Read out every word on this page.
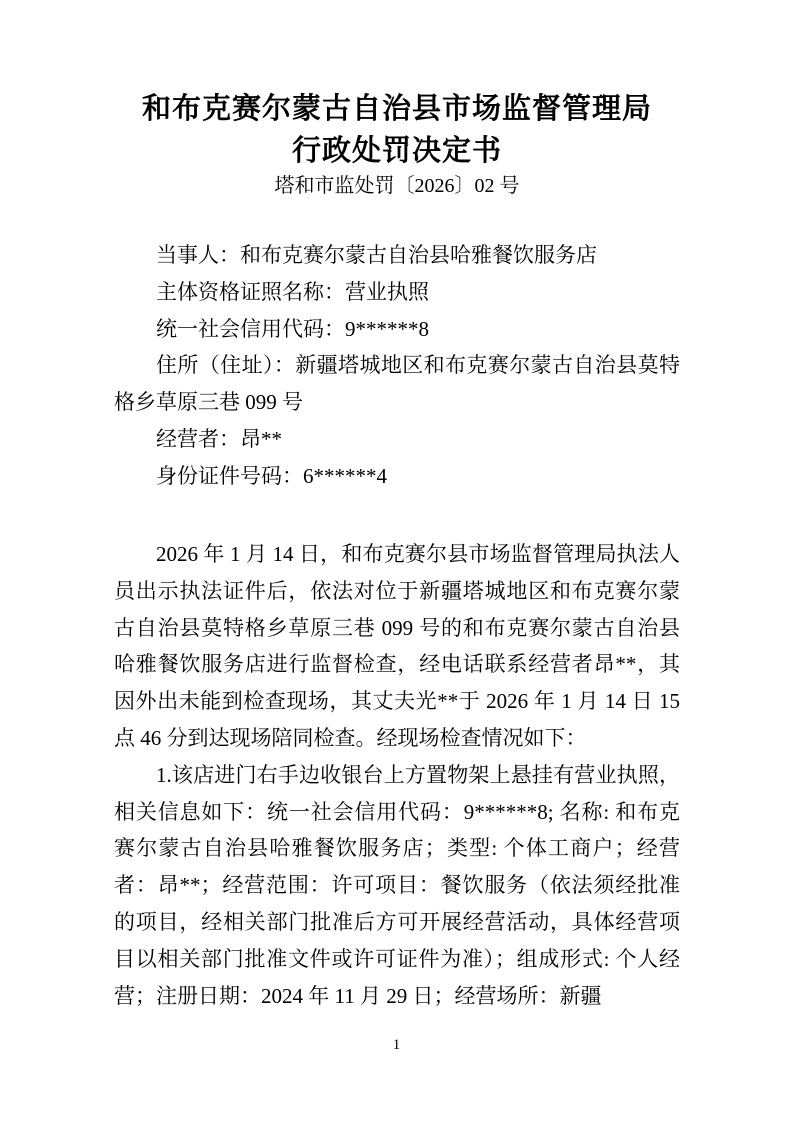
和布克赛尔蒙古自治县市场监督管理局
行政处罚决定书
塔和市监处罚〔2026〕02 号

当事人：和布克赛尔蒙古自治县哈雅餐饮服务店

主体资格证照名称：营业执照

统一社会信用代码：9******8

住所（住址）：新疆塔城地区和布克赛尔蒙古自治县莫特格乡草原三巷 099 号

经营者：昂**

身份证件号码：6******4

2026 年 1 月 14 日，和布克赛尔县市场监督管理局执法人员出示执法证件后，依法对位于新疆塔城地区和布克赛尔蒙古自治县莫特格乡草原三巷 099 号的和布克赛尔蒙古自治县哈雅餐饮服务店进行监督检查，经电话联系经营者昂**，其因外出未能到检查现场，其丈夫光**于 2026 年 1 月 14 日 15 点 46 分到达现场陪同检查。经现场检查情况如下：

1.该店进门右手边收银台上方置物架上悬挂有营业执照，相关信息如下：统一社会信用代码：9******8; 名称: 和布克赛尔蒙古自治县哈雅餐饮服务店；类型: 个体工商户；经营者：昂**；经营范围：许可项目：餐饮服务（依法须经批准的项目，经相关部门批准后方可开展经营活动，具体经营项目以相关部门批准文件或许可证件为准）；组成形式: 个人经营；注册日期：2024 年 11 月 29 日；经营场所：新疆

1
